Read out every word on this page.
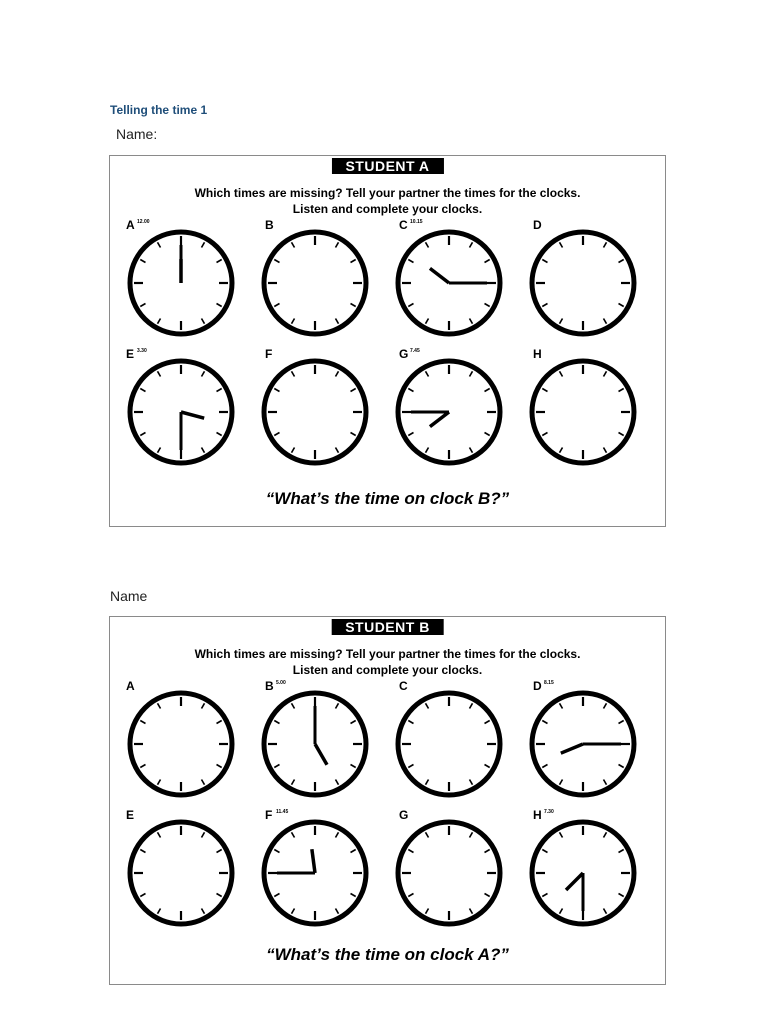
Telling the time 1
Name:
STUDENT A
Which times are missing? Tell your partner the times for the clocks.
Listen and complete your clocks.
“What’s the time on clock B?”
A 12.00	B	C 10.15	D
E 3.30	F	G 7.45	H
Name
STUDENT B
Which times are missing? Tell your partner the times for the clocks.
Listen and complete your clocks.
“What’s the time on clock A?”
A	B 5.00	C	D 8.15
E	F 11.45	G	H 7.30
